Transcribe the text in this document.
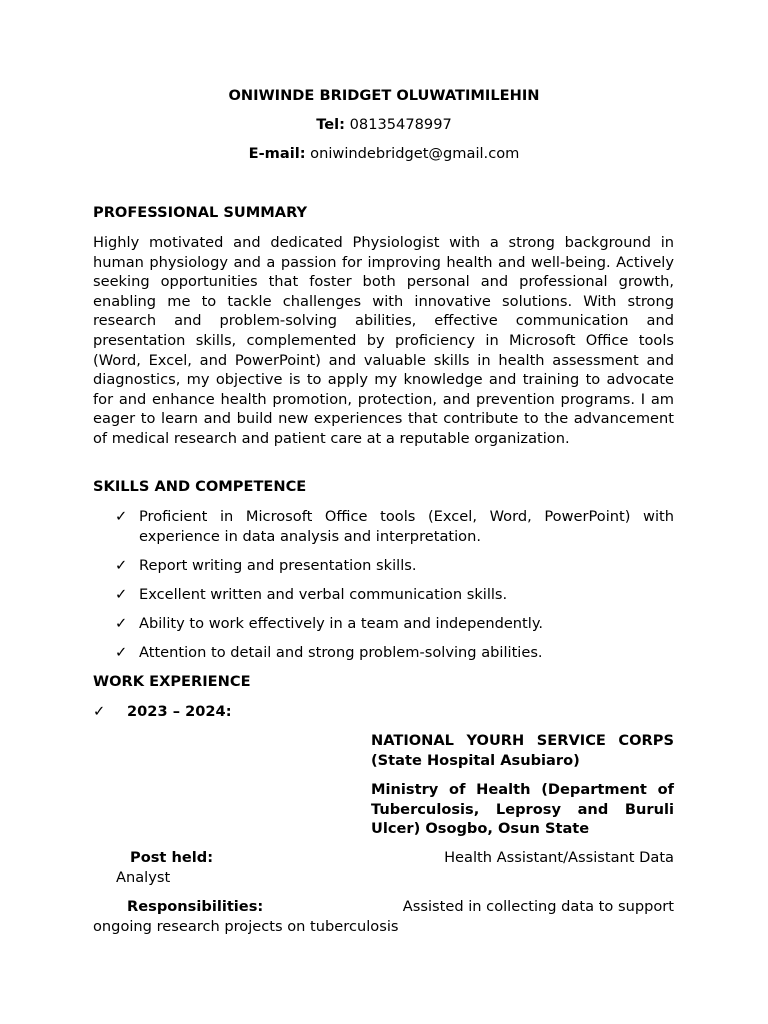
ONIWINDE BRIDGET OLUWATIMILEHIN
Tel: 08135478997
E-mail: oniwindebridget@gmail.com
PROFESSIONAL SUMMARY

Highly motivated and dedicated Physiologist with a strong background in human physiology and a passion for improving health and well-being. Actively seeking opportunities that foster both personal and professional growth, enabling me to tackle challenges with innovative solutions. With strong research and problem-solving abilities, effective communication and presentation skills, complemented by proficiency in Microsoft Office tools (Word, Excel, and PowerPoint) and valuable skills in health assessment and diagnostics, my objective is to apply my knowledge and training to advocate for and enhance health promotion, protection, and prevention programs. I am eager to learn and build new experiences that contribute to the advancement of medical research and patient care at a reputable organization.

SKILLS AND COMPETENCE
✓ Proficient in Microsoft Office tools (Excel, Word, PowerPoint) with experience in data analysis and interpretation.
✓ Report writing and presentation skills.
✓ Excellent written and verbal communication skills.
✓ Ability to work effectively in a team and independently.
✓ Attention to detail and strong problem-solving abilities.
WORK EXPERIENCE
✓ 2023 – 2024:

NATIONAL YOURH SERVICE CORPS (State Hospital Asubiaro)

Ministry of Health (Department of Tuberculosis, Leprosy and Buruli Ulcer) Osogbo, Osun State

Post held:	Health Assistant/Assistant Data
Analyst
Responsibilities:	Assisted in collecting data to support
ongoing research projects on tuberculosis
